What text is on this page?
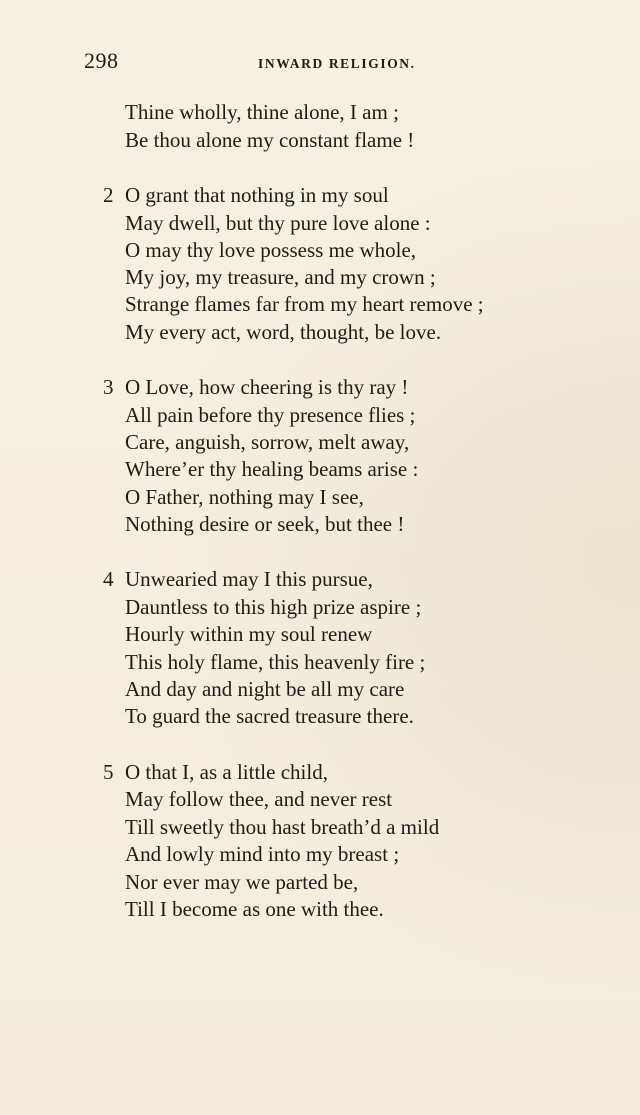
298	INWARD RELIGION.
Thine wholly, thine alone, I am ;
Be thou alone my constant flame !
2 O grant that nothing in my soul
May dwell, but thy pure love alone :
O may thy love possess me whole,
My joy, my treasure, and my crown ;
Strange flames far from my heart remove ;
My every act, word, thought, be love.
3 O Love, how cheering is thy ray !
All pain before thy presence flies ;
Care, anguish, sorrow, melt away,
Where’er thy healing beams arise :
O Father, nothing may I see,
Nothing desire or seek, but thee !
4 Unwearied may I this pursue,
Dauntless to this high prize aspire ;
Hourly within my soul renew
This holy flame, this heavenly fire ;
And day and night be all my care
To guard the sacred treasure there.
5 O that I, as a little child,
May follow thee, and never rest
Till sweetly thou hast breath’d a mild
And lowly mind into my breast ;
Nor ever may we parted be,
Till I become as one with thee.
